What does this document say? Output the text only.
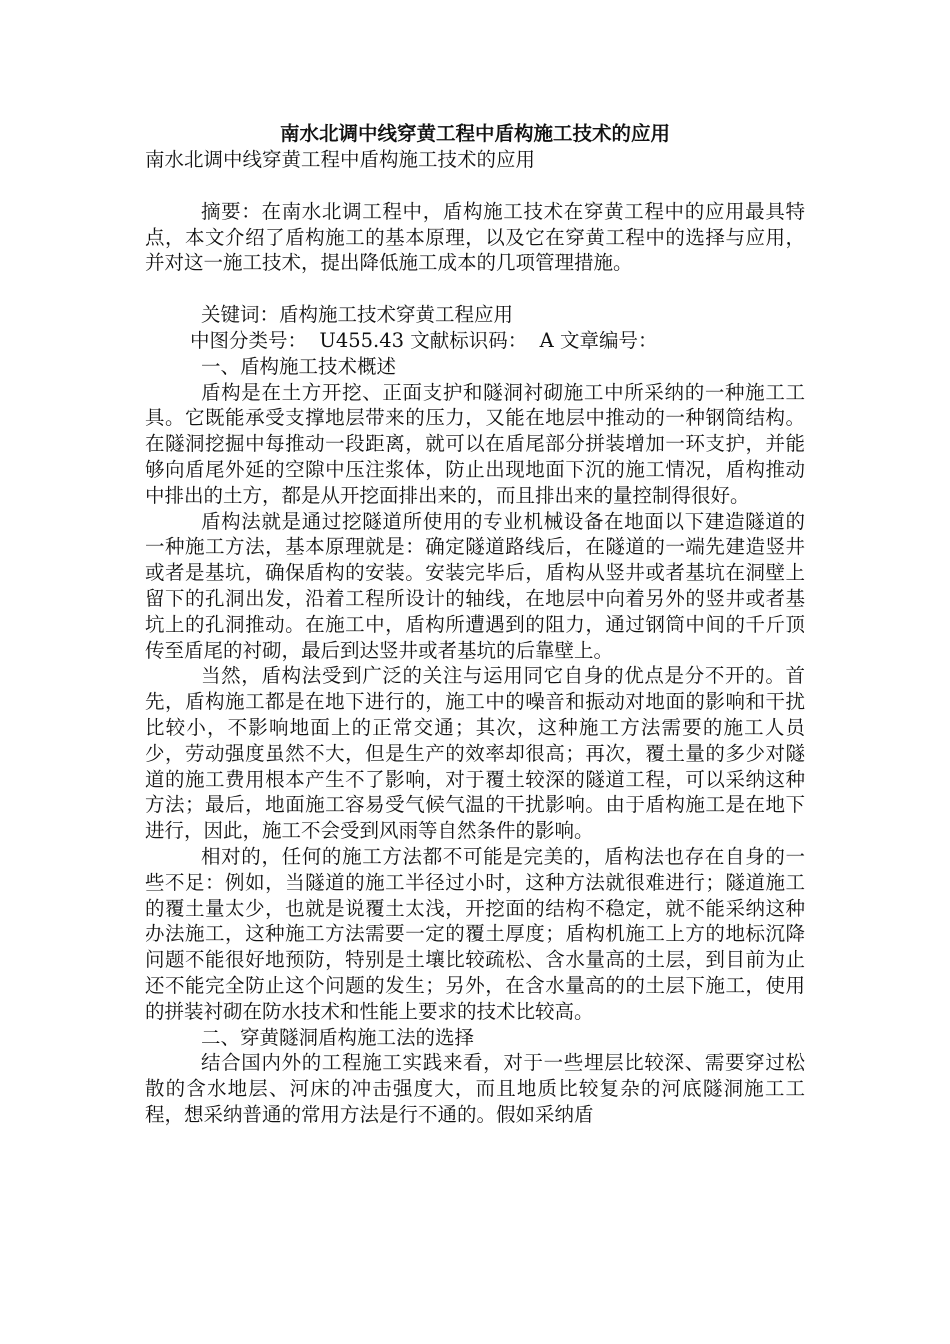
南水北调中线穿黄工程中盾构施工技术的应用

南水北调中线穿黄工程中盾构施工技术的应用

摘要：在南水北调工程中，盾构施工技术在穿黄工程中的应用最具特点，本文介绍了盾构施工的基本原理，以及它在穿黄工程中的选择与应用，并对这一施工技术，提出降低施工成本的几项管理措施。

关键词：盾构施工技术穿黄工程应用

中图分类号：  U455.43 文献标识码：  A 文章编号：

一、盾构施工技术概述

盾构是在土方开挖、正面支护和隧洞衬砌施工中所采纳的一种施工工具。它既能承受支撑地层带来的压力，又能在地层中推动的一种钢筒结构。在隧洞挖掘中每推动一段距离，就可以在盾尾部分拼装增加一环支护，并能够向盾尾外延的空隙中压注浆体，防止出现地面下沉的施工情况，盾构推动中排出的土方，都是从开挖面排出来的，而且排出来的量控制得很好。

盾构法就是通过挖隧道所使用的专业机械设备在地面以下建造隧道的一种施工方法，基本原理就是：确定隧道路线后，在隧道的一端先建造竖井或者是基坑，确保盾构的安装。安装完毕后，盾构从竖井或者基坑在洞壁上留下的孔洞出发，沿着工程所设计的轴线，在地层中向着另外的竖井或者基坑上的孔洞推动。在施工中，盾构所遭遇到的阻力，通过钢筒中间的千斤顶传至盾尾的衬砌，最后到达竖井或者基坑的后靠壁上。

当然，盾构法受到广泛的关注与运用同它自身的优点是分不开的。首先，盾构施工都是在地下进行的，施工中的噪音和振动对地面的影响和干扰比较小，不影响地面上的正常交通；其次，这种施工方法需要的施工人员少，劳动强度虽然不大，但是生产的效率却很高；再次，覆土量的多少对隧道的施工费用根本产生不了影响，对于覆土较深的隧道工程，可以采纳这种方法；最后，地面施工容易受气候气温的干扰影响。由于盾构施工是在地下进行，因此，施工不会受到风雨等自然条件的影响。

相对的，任何的施工方法都不可能是完美的，盾构法也存在自身的一些不足：例如，当隧道的施工半径过小时，这种方法就很难进行；隧道施工的覆土量太少，也就是说覆土太浅，开挖面的结构不稳定，就不能采纳这种办法施工，这种施工方法需要一定的覆土厚度；盾构机施工上方的地标沉降问题不能很好地预防，特别是土壤比较疏松、含水量高的土层，到目前为止还不能完全防止这个问题的发生；另外，在含水量高的的土层下施工，使用的拼装衬砌在防水技术和性能上要求的技术比较高。

二、穿黄隧洞盾构施工法的选择

结合国内外的工程施工实践来看，对于一些埋层比较深、需要穿过松散的含水地层、河床的冲击强度大，而且地质比较复杂的河底隧洞施工工程，想采纳普通的常用方法是行不通的。假如采纳盾
